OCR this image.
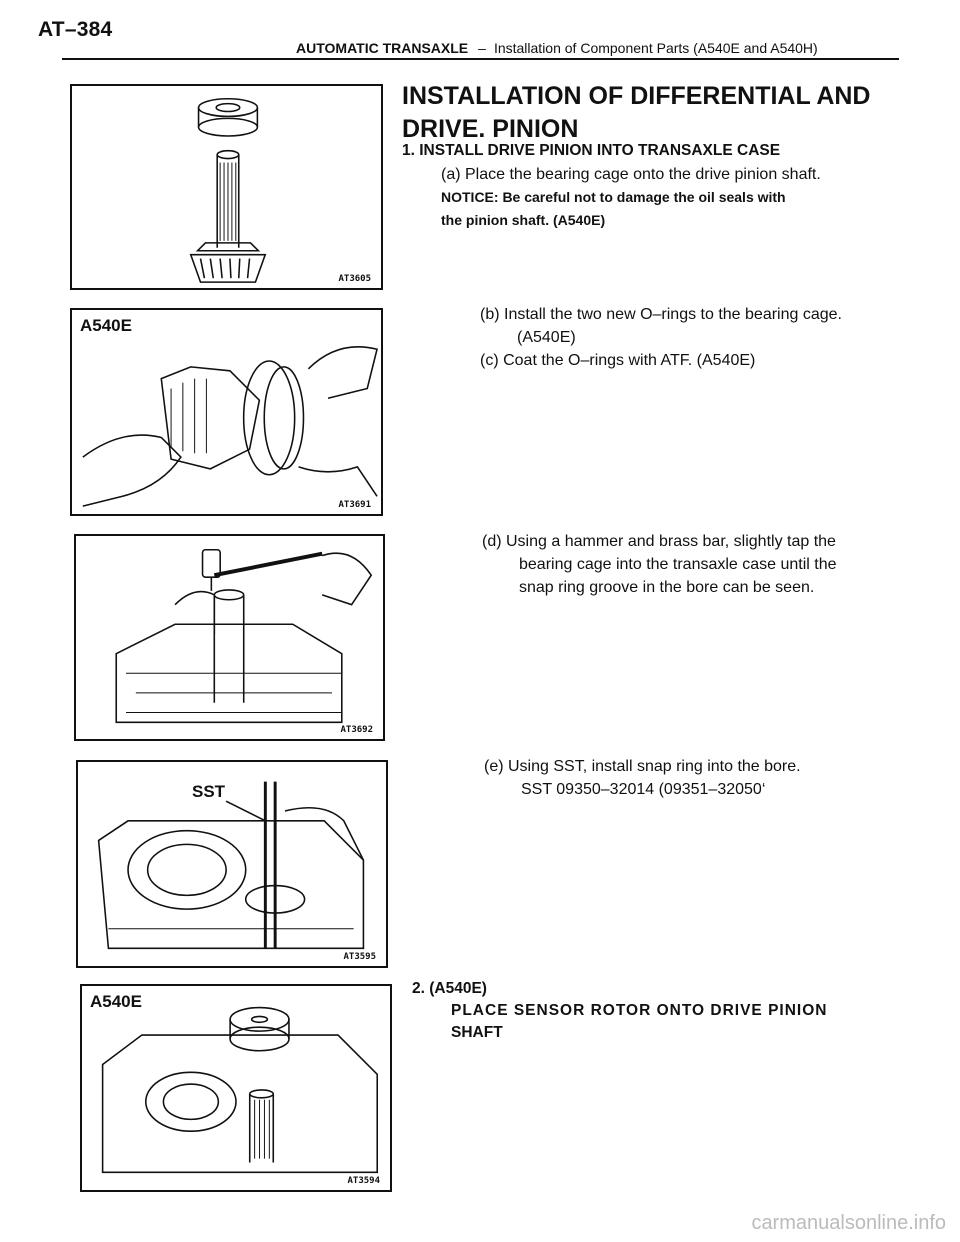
AT–384
AUTOMATIC TRANSAXLE – Installation of Component Parts (A540E and A540H)
AT3605
A540E
AT3691
AT3692
SST
AT3595
A540E
AT3594
INSTALLATION OF DIFFERENTIAL AND
DRIVE. PINION
1. INSTALL DRIVE PINION INTO TRANSAXLE CASE
(a) Place the bearing cage onto the drive pinion shaft.
NOTICE: Be careful not to damage the oil seals with
the pinion shaft. (A540E)
(b) Install the two new O–rings to the bearing cage.
(A540E)
(c) Coat the O–rings with ATF. (A540E)
(d) Using a hammer and brass bar, slightly tap the
bearing cage into the transaxle case until the
snap ring groove in the bore can be seen.
(e) Using SST, install snap ring into the bore.
SST 09350–32014 (09351–32050‘
2. (A540E)
PLACE SENSOR ROTOR ONTO DRIVE PINION
SHAFT
carmanualsonline.info
